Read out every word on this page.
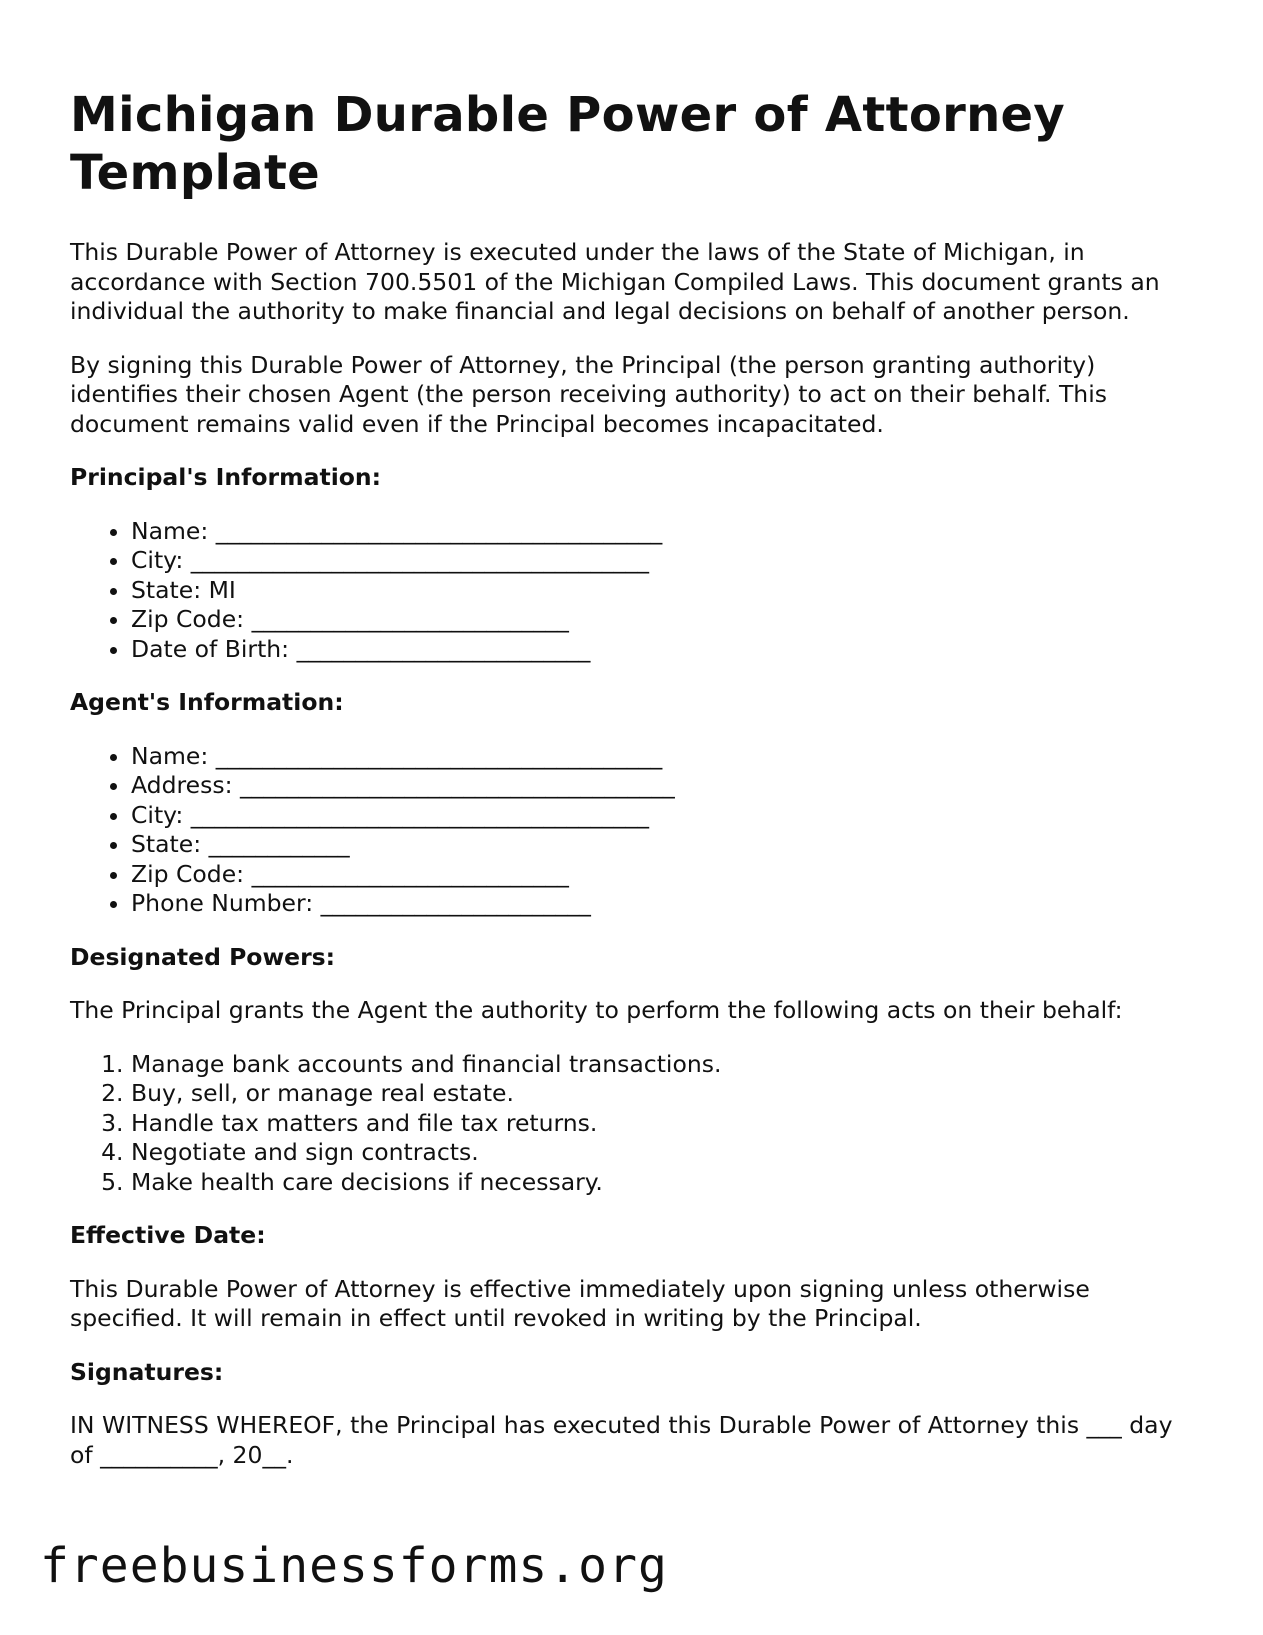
Michigan Durable Power of Attorney Template

This Durable Power of Attorney is executed under the laws of the State of Michigan, in accordance with Section 700.5501 of the Michigan Compiled Laws. This document grants an individual the authority to make financial and legal decisions on behalf of another person.

By signing this Durable Power of Attorney, the Principal (the person granting authority) identifies their chosen Agent (the person receiving authority) to act on their behalf. This document remains valid even if the Principal becomes incapacitated.

Principal's Information:
• Name: ______________________________________
• City: _______________________________________
• State: MI
• Zip Code: ___________________________
• Date of Birth: _________________________
Agent's Information:
• Name: ______________________________________
• Address: _____________________________________
• City: _______________________________________
• State: ____________
• Zip Code: ___________________________
• Phone Number: _______________________
Designated Powers:

The Principal grants the Agent the authority to perform the following acts on their behalf:

1. Manage bank accounts and financial transactions.
2. Buy, sell, or manage real estate.
3. Handle tax matters and file tax returns.
4. Negotiate and sign contracts.
5. Make health care decisions if necessary.
Effective Date:

This Durable Power of Attorney is effective immediately upon signing unless otherwise specified. It will remain in effect until revoked in writing by the Principal.

Signatures:

IN WITNESS WHEREOF, the Principal has executed this Durable Power of Attorney this ___ day of __________, 20__.

freebusinessforms.org
